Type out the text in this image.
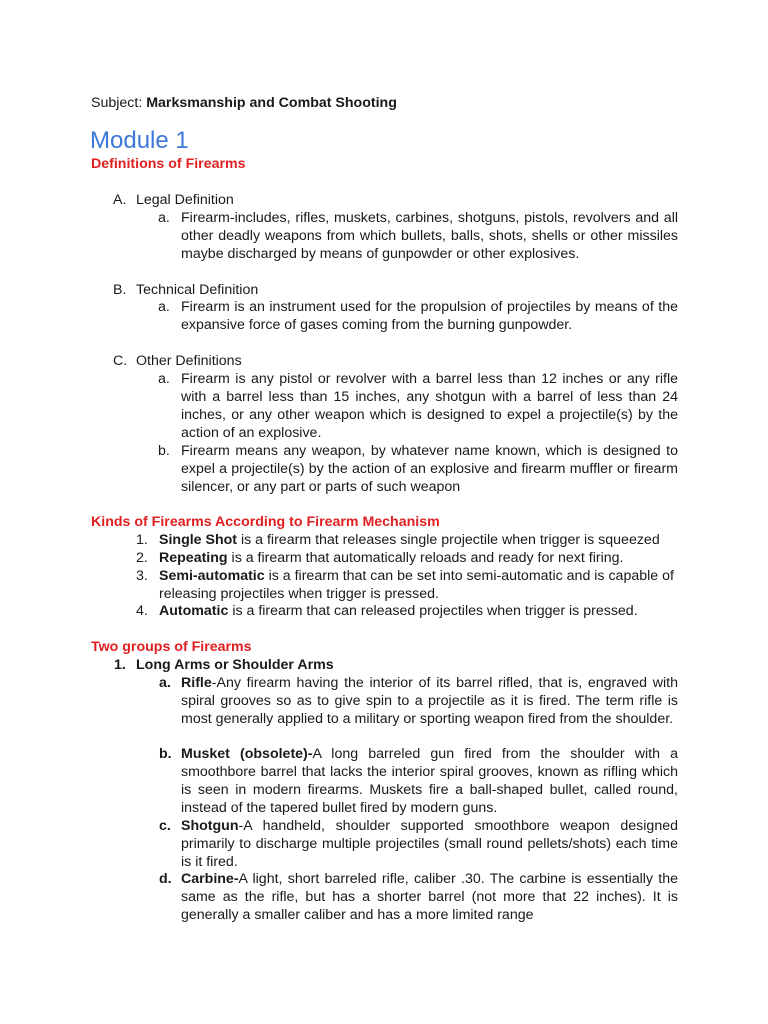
Subject: Marksmanship and Combat Shooting
Module 1
Definitions of Firearms
A. Legal Definition
a. Firearm-includes, rifles, muskets, carbines, shotguns, pistols, revolvers and all other deadly weapons from which bullets, balls, shots, shells or other missiles maybe discharged by means of gunpowder or other explosives.
B. Technical Definition
a. Firearm is an instrument used for the propulsion of projectiles by means of the expansive force of gases coming from the burning gunpowder.
C. Other Definitions
a. Firearm is any pistol or revolver with a barrel less than 12 inches or any rifle with a barrel less than 15 inches, any shotgun with a barrel of less than 24 inches, or any other weapon which is designed to expel a projectile(s) by the action of an explosive.
b. Firearm means any weapon, by whatever name known, which is designed to expel a projectile(s) by the action of an explosive and firearm muffler or firearm silencer, or any part or parts of such weapon
Kinds of Firearms According to Firearm Mechanism
1. Single Shot is a firearm that releases single projectile when trigger is squeezed
2. Repeating is a firearm that automatically reloads and ready for next firing.
3. Semi-automatic is a firearm that can be set into semi-automatic and is capable of releasing projectiles when trigger is pressed.
4. Automatic is a firearm that can released projectiles when trigger is pressed.
Two groups of Firearms
1. Long Arms or Shoulder Arms
a. Rifle-Any firearm having the interior of its barrel rifled, that is, engraved with spiral grooves so as to give spin to a projectile as it is fired. The term rifle is most generally applied to a military or sporting weapon fired from the shoulder.
b. Musket (obsolete)-A long barreled gun fired from the shoulder with a smoothbore barrel that lacks the interior spiral grooves, known as rifling which is seen in modern firearms. Muskets fire a ball-shaped bullet, called round, instead of the tapered bullet fired by modern guns.
c. Shotgun-A handheld, shoulder supported smoothbore weapon designed primarily to discharge multiple projectiles (small round pellets/shots) each time is it fired.
d. Carbine-A light, short barreled rifle, caliber .30. The carbine is essentially the same as the rifle, but has a shorter barrel (not more that 22 inches). It is generally a smaller caliber and has a more limited range
